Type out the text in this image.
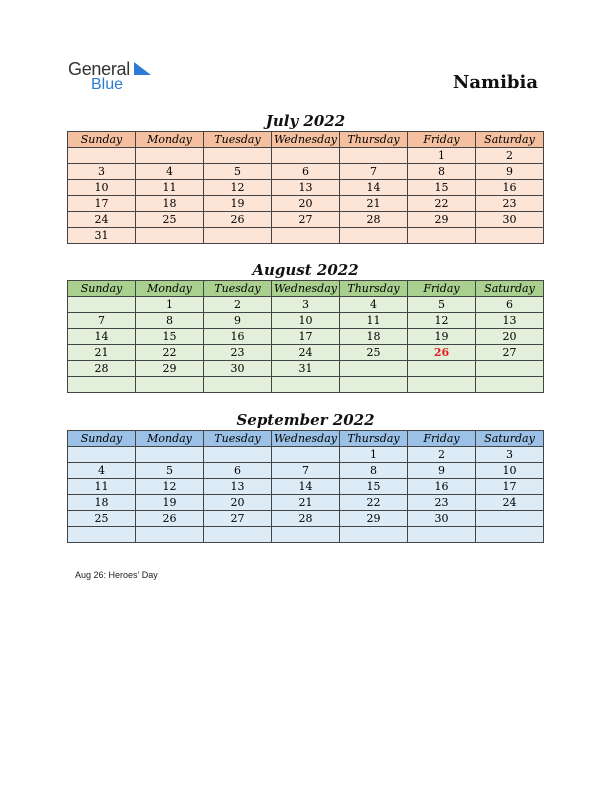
General
Blue	Namibia
July 2022
Sunday	Monday	Tuesday	Wednesday	Thursday	Friday	Saturday
					1	2
3	4	5	6	7	8	9
10	11	12	13	14	15	16
17	18	19	20	21	22	23
24	25	26	27	28	29	30
31						
August 2022
Sunday	Monday	Tuesday	Wednesday	Thursday	Friday	Saturday
	1	2	3	4	5	6
7	8	9	10	11	12	13
14	15	16	17	18	19	20
21	22	23	24	25	26	27
28	29	30	31			

September 2022
Sunday	Monday	Tuesday	Wednesday	Thursday	Friday	Saturday
				1	2	3
4	5	6	7	8	9	10
11	12	13	14	15	16	17
18	19	20	21	22	23	24
25	26	27	28	29	30	

Aug 26: Heroes’ Day
